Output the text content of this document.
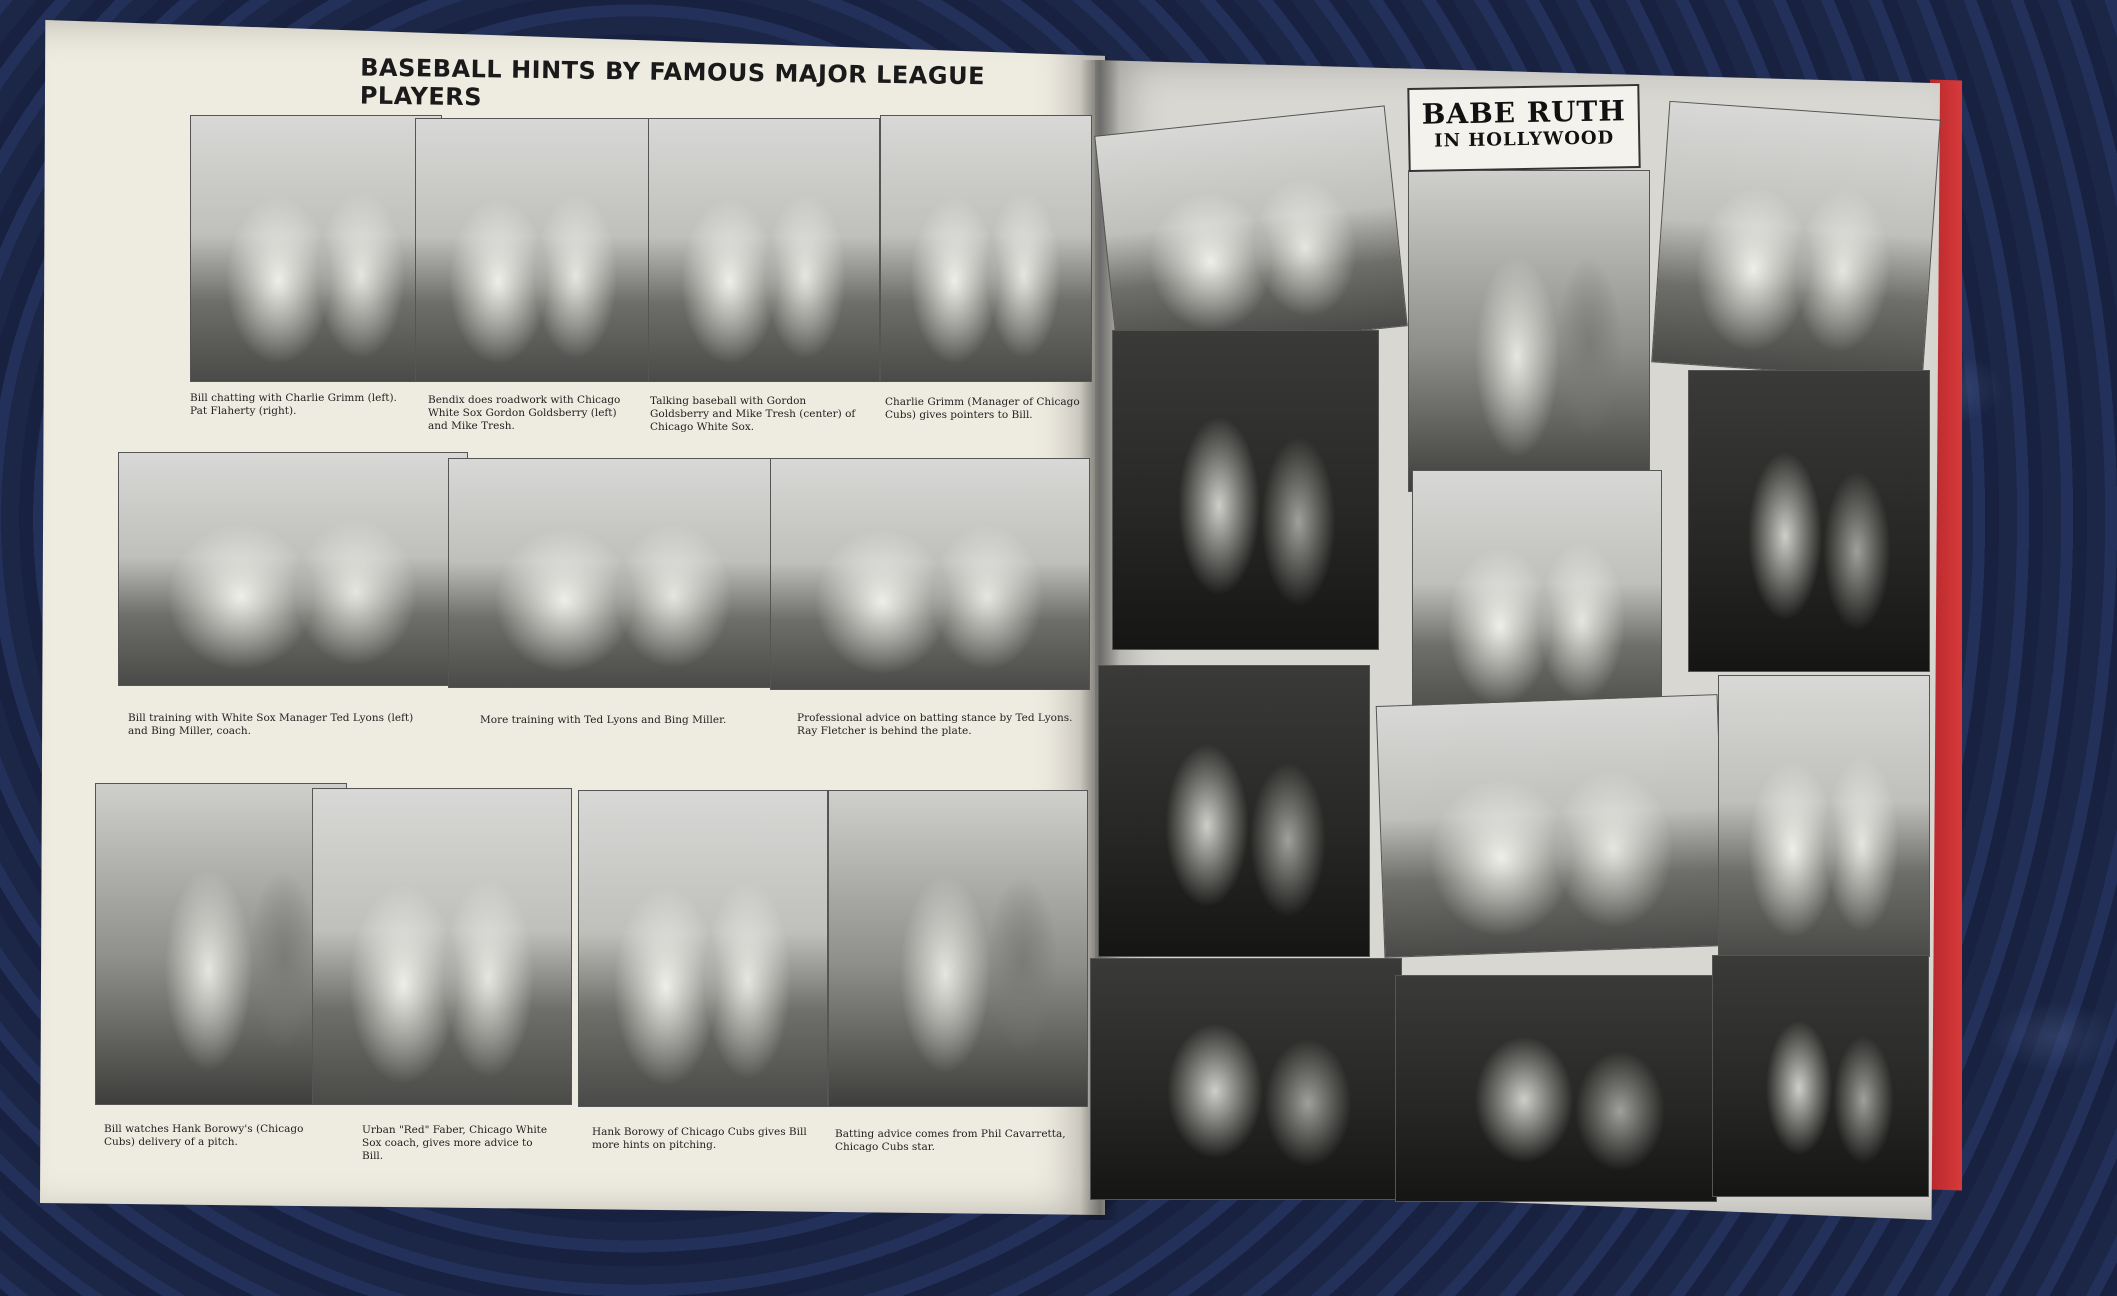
BASEBALL HINTS BY FAMOUS MAJOR LEAGUE PLAYERS
Bill chatting with Charlie Grimm (left). Pat Flaherty (right).
Bendix does roadwork with Chicago White Sox Gordon Goldsberry (left) and Mike Tresh.
Talking baseball with Gordon Goldsberry and Mike Tresh (center) of Chicago White Sox.
Charlie Grimm (Manager of Chicago Cubs) gives pointers to Bill.
Bill training with White Sox Manager Ted Lyons (left) and Bing Miller, coach.
More training with Ted Lyons and Bing Miller.	Professional advice on batting stance by Ted Lyons. Ray Fletcher is behind the plate.
Bill watches Hank Borowy's (Chicago Cubs) delivery of a pitch.
Urban "Red" Faber, Chicago White Sox coach, gives more advice to Bill.
Hank Borowy of Chicago Cubs gives Bill more hints on pitching.
Batting advice comes from Phil Cavarretta, Chicago Cubs star.
BABE RUTH
IN HOLLYWOOD
